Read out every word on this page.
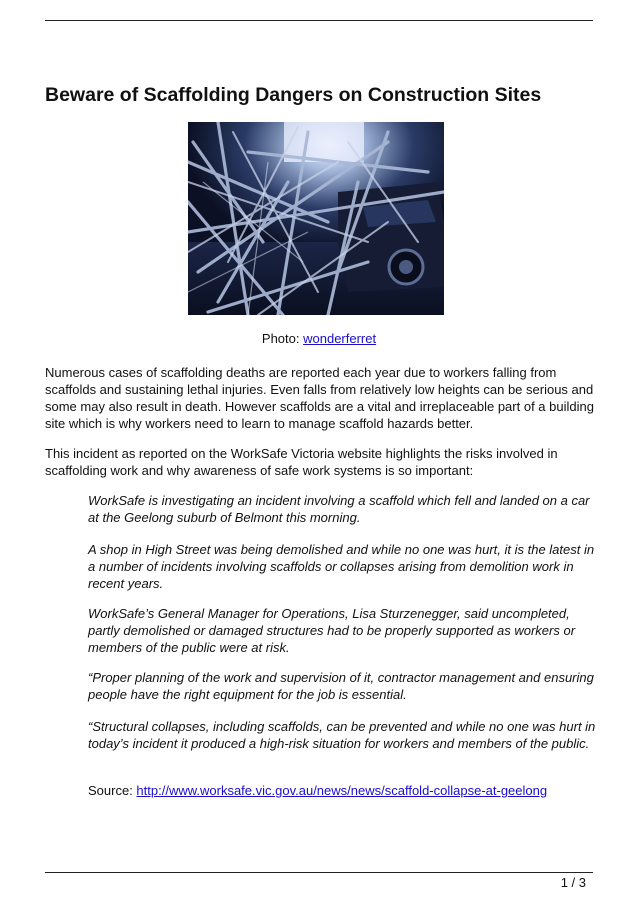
Beware of Scaffolding Dangers on Construction Sites
Photo: wonderferret

Numerous cases of scaffolding deaths are reported each year due to workers falling from scaffolds and sustaining lethal injuries. Even falls from relatively low heights can be serious and some may also result in death. However scaffolds are a vital and irreplaceable part of a building site which is why workers need to learn to manage scaffold hazards better.

This incident as reported on the WorkSafe Victoria website highlights the risks involved in scaffolding work and why awareness of safe work systems is so important:

WorkSafe is investigating an incident involving a scaffold which fell and landed on a car at the Geelong suburb of Belmont this morning.

A shop in High Street was being demolished and while no one was hurt, it is the latest in a number of incidents involving scaffolds or collapses arising from demolition work in recent years.

WorkSafe’s General Manager for Operations, Lisa Sturzenegger, said uncompleted, partly demolished or damaged structures had to be properly supported as workers or members of the public were at risk.

“Proper planning of the work and supervision of it, contractor management and ensuring people have the right equipment for the job is essential.

“Structural collapses, including scaffolds, can be prevented and while no one was hurt in today’s incident it produced a high-risk situation for workers and members of the public.

Source: http://www.worksafe.vic.gov.au/news/news/scaffold-collapse-at-geelong
1 / 3
